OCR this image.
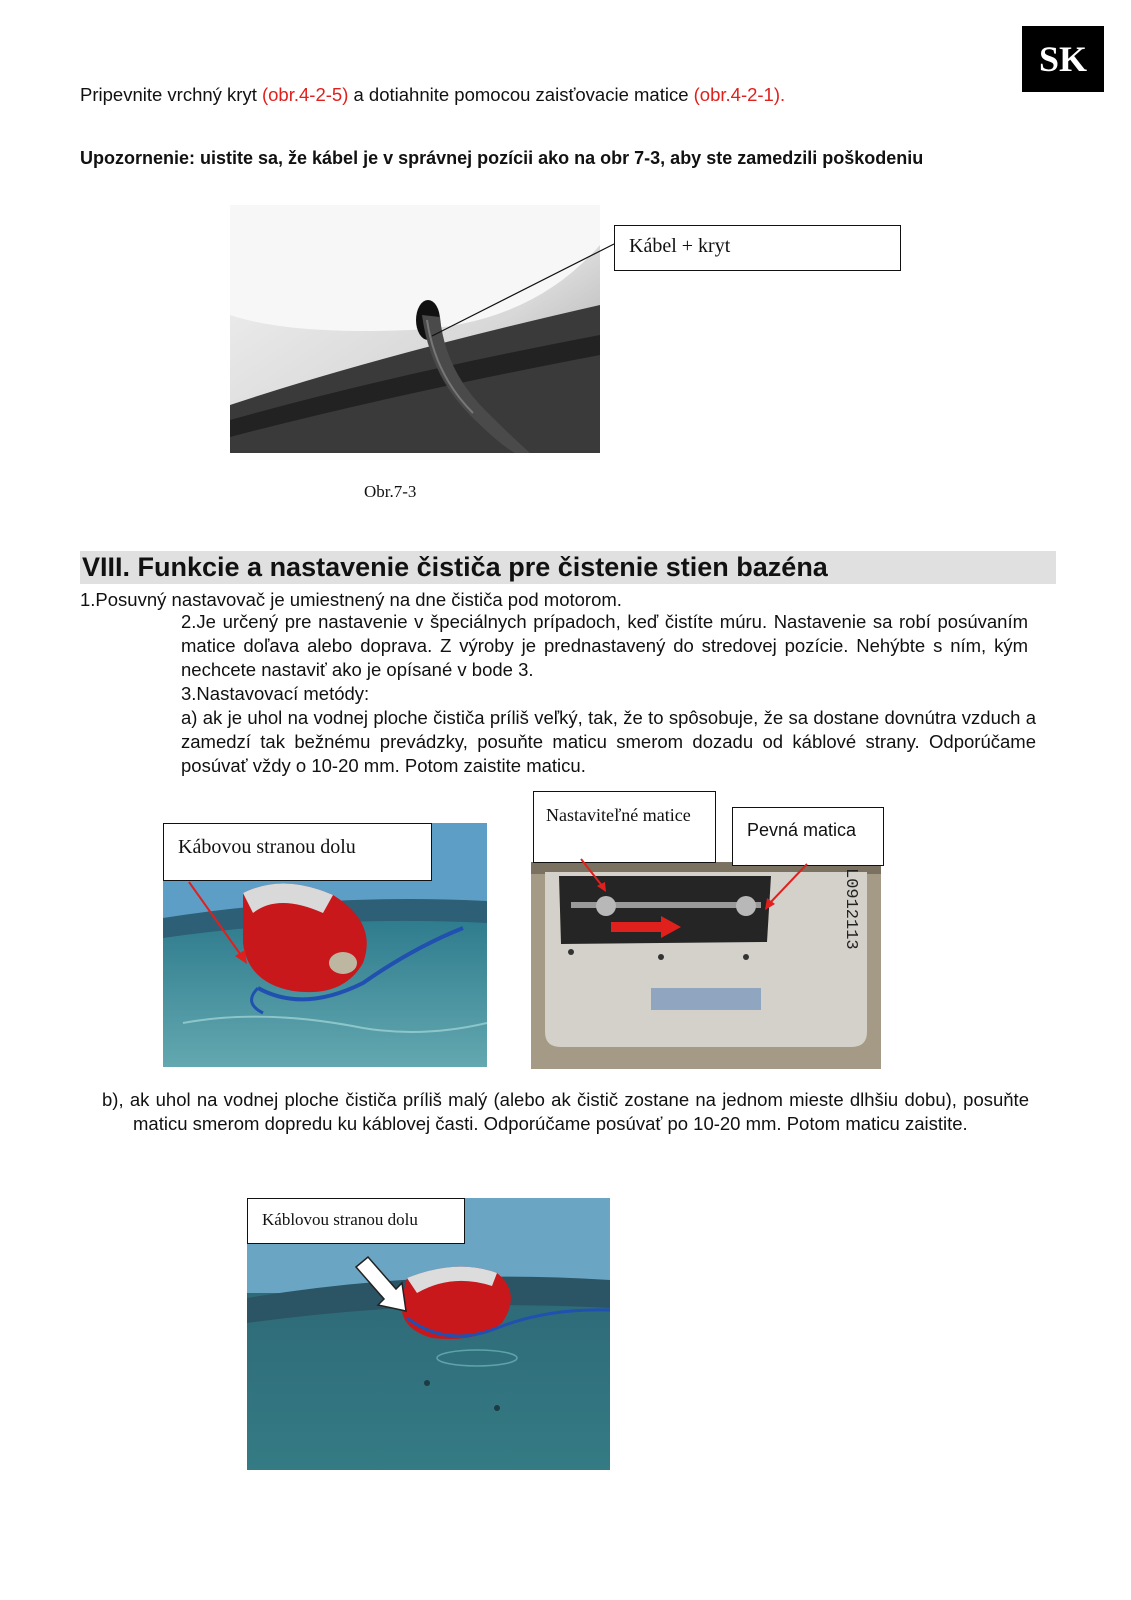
SK
Pripevnite vrchný kryt (obr.4-2-5) a dotiahnite pomocou zaisťovacie matice (obr.4-2-1).
Upozornenie: uistite sa, že kábel je v správnej pozícii ako na obr 7-3, aby ste zamedzili poškodeniu
Kábel + kryt
Obr.7-3
VIII. Funkcie a nastavenie čističa pre čistenie stien bazéna
1.Posuvný nastavovač je umiestnený na dne čističa pod motorom.
2.Je určený pre nastavenie v špeciálnych prípadoch, keď čistíte múru. Nastavenie sa robí posúvaním matice doľava alebo doprava. Z výroby je prednastavený do stredovej pozície. Nehýbte s ním, kým nechcete nastaviť ako je opísané v bode 3.
3.Nastavovací metódy:
a) ak je uhol na vodnej ploche čističa príliš veľký, tak, že to spôsobuje, že sa dostane dovnútra vzduch a zamedzí tak bežnému prevádzky, posuňte maticu smerom dozadu od káblové strany. Odporúčame posúvať vždy o 10-20 mm. Potom zaistite maticu.
Kábovou stranou dolu
L0912113
Nastaviteľné matice
Pevná matica
b), ak uhol na vodnej ploche čističa príliš malý (alebo ak čistič zostane na jednom mieste dlhšiu dobu), posuňte maticu smerom dopredu ku káblovej časti. Odporúčame posúvať po 10-20 mm. Potom maticu zaistite.
Káblovou stranou dolu
